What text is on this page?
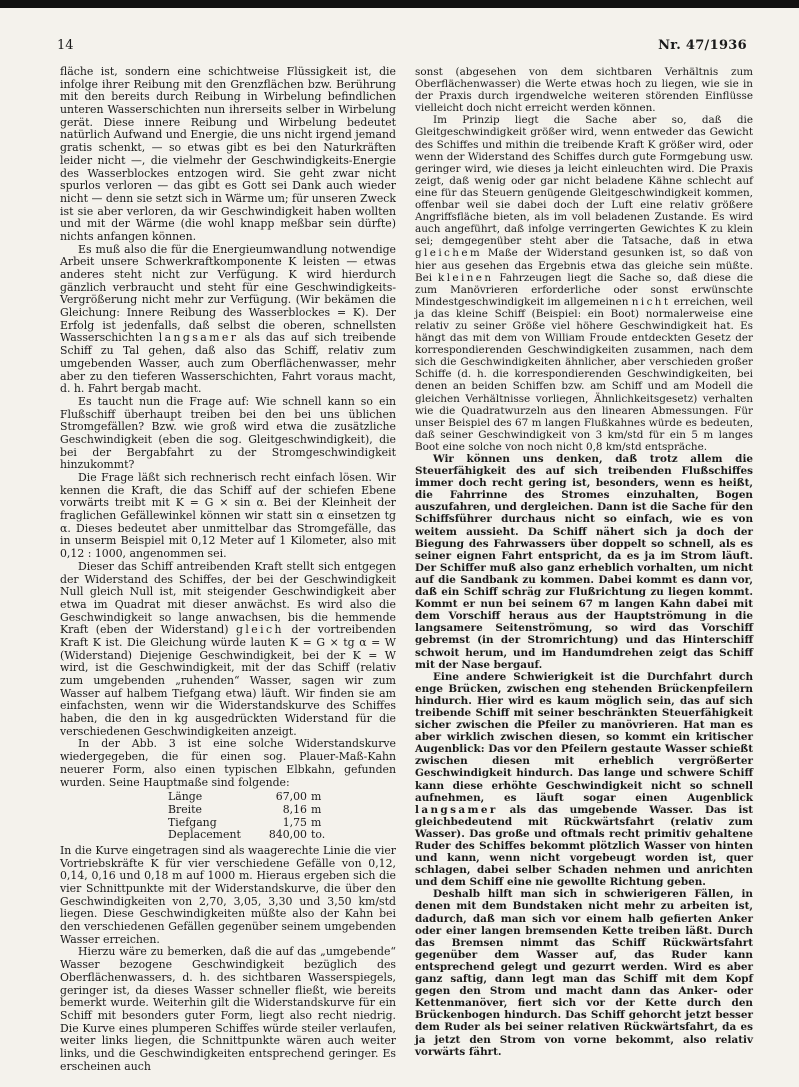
14	Nr. 47/1936

fläche ist, sondern eine schichtweise Flüssigkeit ist, die infolge ihrer Reibung mit den Grenzflächen bzw. Berührung mit den bereits durch Reibung in Wirbelung befindlichen unteren Wasserschichten nun ihrerseits selber in Wirbelung gerät. Diese innere Reibung und Wirbelung bedeutet natürlich Aufwand und Energie, die uns nicht irgend jemand gratis schenkt, — so etwas gibt es bei den Naturkräften leider nicht —, die vielmehr der Geschwindigkeits-Energie des Wasserblockes entzogen wird. Sie geht zwar nicht spurlos verloren — das gibt es Gott sei Dank auch wieder nicht — denn sie setzt sich in Wärme um; für unseren Zweck ist sie aber verloren, da wir Geschwindigkeit haben wollten und mit der Wärme (die wohl knapp meßbar sein dürfte) nichts anfangen können.

Es muß also die für die Energieumwandlung notwendige Arbeit unsere Schwerkraftkomponente K leisten — etwas anderes steht nicht zur Verfügung. K wird hierdurch gänzlich verbraucht und steht für eine Geschwindigkeits-Vergrößerung nicht mehr zur Verfügung. (Wir bekämen die Gleichung: Innere Reibung des Wasserblockes = K). Der Erfolg ist jedenfalls, daß selbst die oberen, schnellsten Wasserschichten langsamer als das auf sich treibende Schiff zu Tal gehen, daß also das Schiff, relativ zum umgebenden Wasser, auch zum Oberflächenwasser, mehr aber zu den tieferen Wasserschichten, Fahrt voraus macht, d. h. Fahrt bergab macht.

Es taucht nun die Frage auf: Wie schnell kann so ein Flußschiff überhaupt treiben bei den bei uns üblichen Stromgefällen? Bzw. wie groß wird etwa die zusätzliche Geschwindigkeit (eben die sog. Gleitgeschwindigkeit), die bei der Bergabfahrt zu der Stromgeschwindigkeit hinzukommt?

Die Frage läßt sich rechnerisch recht einfach lösen. Wir kennen die Kraft, die das Schiff auf der schiefen Ebene vorwärts treibt mit K = G × sin α. Bei der Kleinheit der fraglichen Gefällewinkel können wir statt sin α einsetzen tg α. Dieses bedeutet aber unmittelbar das Stromgefälle, das in unserm Beispiel mit 0,12 Meter auf 1 Kilometer, also mit 0,12 : 1000, angenommen sei.

Dieser das Schiff antreibenden Kraft stellt sich entgegen der Widerstand des Schiffes, der bei der Geschwindigkeit Null gleich Null ist, mit steigender Geschwindigkeit aber etwa im Quadrat mit dieser anwächst. Es wird also die Geschwindigkeit so lange anwachsen, bis die hemmende Kraft (eben der Widerstand) gleich der vortreibenden Kraft K ist. Die Gleichung würde lauten K = G × tg α = W (Widerstand) Diejenige Geschwindigkeit, bei der K = W wird, ist die Geschwindigkeit, mit der das Schiff (relativ zum umgebenden „ruhenden“ Wasser, sagen wir zum Wasser auf halbem Tiefgang etwa) läuft. Wir finden sie am einfachsten, wenn wir die Widerstandskurve des Schiffes haben, die den in kg ausgedrückten Widerstand für die verschiedenen Geschwindigkeiten anzeigt.

In der Abb. 3 ist eine solche Widerstandskurve wiedergegeben, die für einen sog. Plauer-Maß-Kahn neuerer Form, also einen typischen Elbkahn, gefunden wurden. Seine Hauptmaße sind folgende:

Länge	67,00	m
Breite	8,16	m
Tiefgang	1,75	m
Deplacement	840,00	to.

In die Kurve eingetragen sind als waagerechte Linie die vier Vortriebskräfte K für vier verschiedene Gefälle von 0,12, 0,14, 0,16 und 0,18 m auf 1000 m. Hieraus ergeben sich die vier Schnittpunkte mit der Widerstandskurve, die über den Geschwindigkeiten von 2,70, 3,05, 3,30 und 3,50 km/std liegen. Diese Geschwindigkeiten müßte also der Kahn bei den verschiedenen Gefällen gegenüber seinem umgebenden Wasser erreichen.

Hierzu wäre zu bemerken, daß die auf das „umgebende“ Wasser bezogene Geschwindigkeit bezüglich des Oberflächenwassers, d. h. des sichtbaren Wasserspiegels, geringer ist, da dieses Wasser schneller fließt, wie bereits bemerkt wurde. Weiterhin gilt die Widerstandskurve für ein Schiff mit besonders guter Form, liegt also recht niedrig. Die Kurve eines plumperen Schiffes würde steiler verlaufen, weiter links liegen, die Schnittpunkte wären auch weiter links, und die Geschwindigkeiten entsprechend geringer. Es erscheinen auch

sonst (abgesehen von dem sichtbaren Verhältnis zum Oberflächenwasser) die Werte etwas hoch zu liegen, wie sie in der Praxis durch irgendwelche weiteren störenden Einflüsse vielleicht doch nicht erreicht werden können.

Im Prinzip liegt die Sache aber so, daß die Gleitgeschwindigkeit größer wird, wenn entweder das Gewicht des Schiffes und mithin die treibende Kraft K größer wird, oder wenn der Widerstand des Schiffes durch gute Formgebung usw. geringer wird, wie dieses ja leicht einleuchten wird. Die Praxis zeigt, daß wenig oder gar nicht beladene Kähne schlecht auf eine für das Steuern genügende Gleitgeschwindigkeit kommen, offenbar weil sie dabei doch der Luft eine relativ größere Angriffsfläche bieten, als im voll beladenen Zustande. Es wird auch angeführt, daß infolge verringerten Gewichtes K zu klein sei; demgegenüber steht aber die Tatsache, daß in etwa gleichem Maße der Widerstand gesunken ist, so daß von hier aus gesehen das Ergebnis etwa das gleiche sein müßte. Bei kleinen Fahrzeugen liegt die Sache so, daß diese die zum Manövrieren erforderliche oder sonst erwünschte Mindestgeschwindigkeit im allgemeinen nicht erreichen, weil ja das kleine Schiff (Beispiel: ein Boot) normalerweise eine relativ zu seiner Größe viel höhere Geschwindigkeit hat. Es hängt das mit dem von William Froude entdeckten Gesetz der korrespondierenden Geschwindigkeiten zusammen, nach dem sich die Geschwindigkeiten ähnlicher, aber verschieden großer Schiffe (d. h. die korrespondierenden Geschwindigkeiten, bei denen an beiden Schiffen bzw. am Schiff und am Modell die gleichen Verhältnisse vorliegen, Ähnlichkeitsgesetz) verhalten wie die Quadratwurzeln aus den linearen Abmessungen. Für unser Beispiel des 67 m langen Flußkahnes würde es bedeuten, daß seiner Geschwindigkeit von 3 km/std für ein 5 m langes Boot eine solche von noch nicht 0,8 km/std entspräche.

Wir können uns denken, daß trotz allem die Steuerfähigkeit des auf sich treibenden Flußschiffes immer doch recht gering ist, besonders, wenn es heißt, die Fahrrinne des Stromes einzuhalten, Bogen auszufahren, und dergleichen. Dann ist die Sache für den Schiffsführer durchaus nicht so einfach, wie es von weitem aussieht. Da Schiff nähert sich ja doch der Biegung des Fahrwassers über doppelt so schnell, als es seiner eignen Fahrt entspricht, da es ja im Strom läuft. Der Schiffer muß also ganz erheblich vorhalten, um nicht auf die Sandbank zu kommen. Dabei kommt es dann vor, daß ein Schiff schräg zur Flußrichtung zu liegen kommt. Kommt er nun bei seinem 67 m langen Kahn dabei mit dem Vorschiff heraus aus der Hauptströmung in die langsamere Seitenströmung, so wird das Vorschiff gebremst (in der Stromrichtung) und das Hinterschiff schwoit herum, und im Handumdrehen zeigt das Schiff mit der Nase bergauf.

Eine andere Schwierigkeit ist die Durchfahrt durch enge Brücken, zwischen eng stehenden Brückenpfeilern hindurch. Hier wird es kaum möglich sein, das auf sich treibende Schiff mit seiner beschränkten Steuerfähigkeit sicher zwischen die Pfeiler zu manövrieren. Hat man es aber wirklich zwischen diesen, so kommt ein kritischer Augenblick: Das vor den Pfeilern gestaute Wasser schießt zwischen diesen mit erheblich vergrößerter Geschwindigkeit hindurch. Das lange und schwere Schiff kann diese erhöhte Geschwindigkeit nicht so schnell aufnehmen, es läuft sogar einen Augenblick langsamer als das umgebende Wasser. Das ist gleichbedeutend mit Rückwärtsfahrt (relativ zum Wasser). Das große und oftmals recht primitiv gehaltene Ruder des Schiffes bekommt plötzlich Wasser von hinten und kann, wenn nicht vorgebeugt worden ist, quer schlagen, dabei selber Schaden nehmen und anrichten und dem Schiff eine nie gewollte Richtung geben.

Deshalb hilft man sich in schwierigeren Fällen, in denen mit dem Bundstaken nicht mehr zu arbeiten ist, dadurch, daß man sich vor einem halb gefierten Anker oder einer langen bremsenden Kette treiben läßt. Durch das Bremsen nimmt das Schiff Rückwärtsfahrt gegenüber dem Wasser auf, das Ruder kann entsprechend gelegt und gezurrt werden. Wird es aber ganz saftig, dann legt man das Schiff mit dem Kopf gegen den Strom und macht dann das Anker- oder Kettenmanöver, fiert sich vor der Kette durch den Brückenbogen hindurch. Das Schiff gehorcht jetzt besser dem Ruder als bei seiner relativen Rückwärtsfahrt, da es ja jetzt den Strom von vorne bekommt, also relativ vorwärts fährt.
